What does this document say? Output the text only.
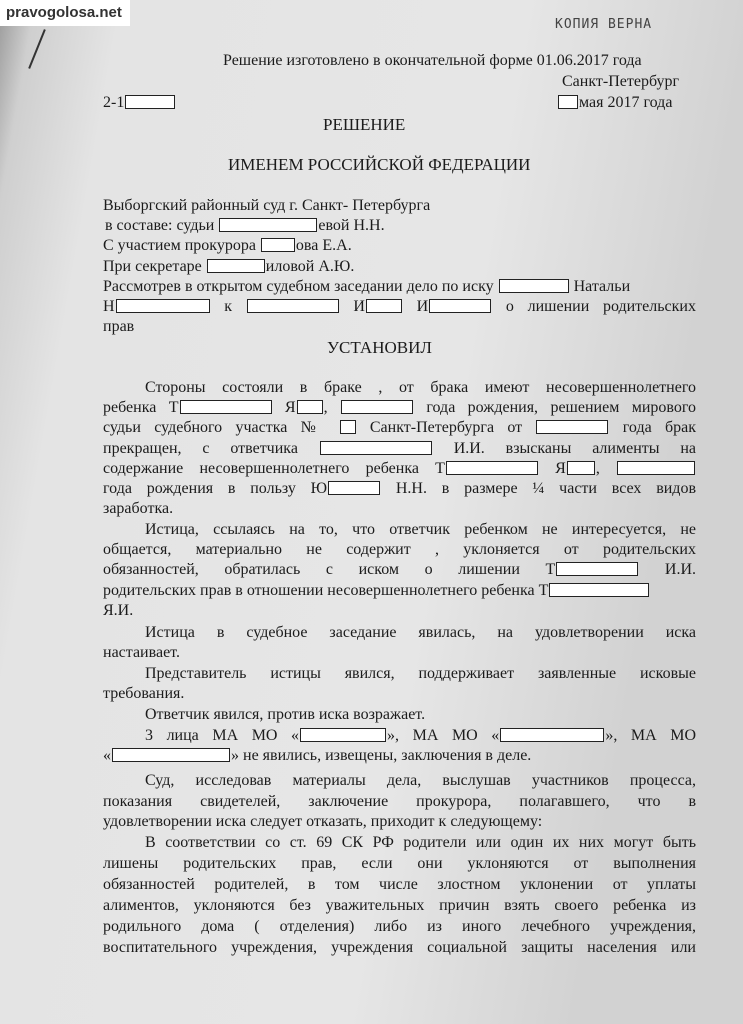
pravogolosa.net
КОПИЯ ВЕРНА
Решение изготовлено в окончательной форме 01.06.2017 года
Санкт-Петербург
2-1	мая 2017 года
РЕШЕНИЕ
ИМЕНЕМ РОССИЙСКОЙ ФЕДЕРАЦИИ
Выборгский районный суд г. Санкт- Петербурга
в составе: судьи	евой Н.Н.
С участием прокурора ова Е.А.
При секретаре	иловой А.Ю.
Рассмотрев в открытом судебном заседании дело по иску	Натальи
Н	к	И	И	о лишении родительских
прав
УСТАНОВИЛ
Стороны состояли в браке , от брака имеют несовершеннолетнего
ребенка Т	Я ,	года рождения, решением мирового
судьи судебного участка №	Санкт-Петербурга от	года брак
прекращен, с ответчика	И.И. взысканы алименты на
содержание несовершеннолетнего ребенка Т	Я ,
года рождения в пользу Ю	Н.Н. в размере ¼ части всех видов
заработка.
Истица, ссылаясь на то, что ответчик ребенком не интересуется, не
общается, материально не содержит , уклоняется от родительских
обязанностей, обратилась с иском о лишении Т	И.И.
родительских прав в отношении несовершеннолетнего ребенка Т
Я.И.
Истица в судебное заседание явилась, на удовлетворении иска
настаивает.
Представитель истицы явился, поддерживает заявленные исковые
требования.
Ответчик явился, против иска возражает.
3 лица МА МО «	», МА МО «	», МА МО
«	» не явились, извещены, заключения в деле.
Суд, исследовав материалы дела, выслушав участников процесса,
показания свидетелей, заключение прокурора, полагавшего, что в
удовлетворении иска следует отказать, приходит к следующему:
В соответствии со ст. 69 СК РФ родители или один их них могут быть
лишены родительских прав, если они уклоняются от выполнения
обязанностей родителей, в том числе злостном уклонении от уплаты
алиментов, уклоняются без уважительных причин взять своего ребенка из
родильного дома ( отделения) либо из иного лечебного учреждения,
воспитательного учреждения, учреждения социальной защиты населения или
